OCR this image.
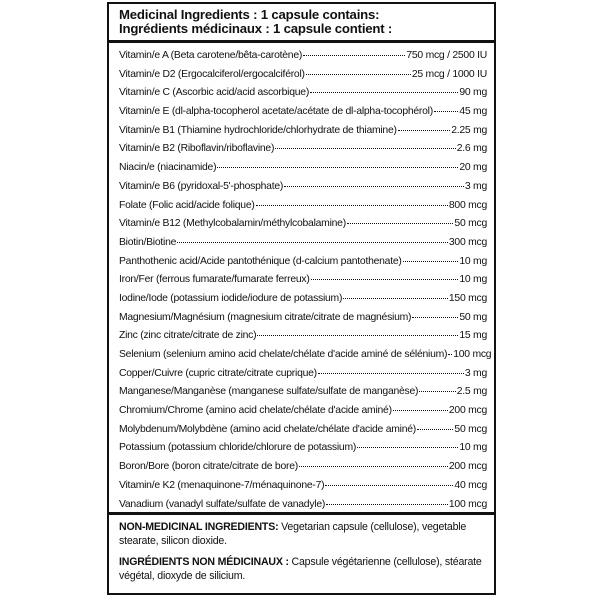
Medicinal Ingredients : 1 capsule contains:
Ingrédients médicinaux : 1 capsule contient :
Vitamin/e A (Beta carotene/bêta-carotène)	750 mcg / 2500 IU
Vitamin/e D2 (Ergocalciferol/ergocalciférol)	25 mcg / 1000 IU
Vitamin/e C (Ascorbic acid/acid ascorbique)	90 mg
Vitamin/e E (dl-alpha-tocopherol acetate/acétate de dl-alpha-tocophérol)	45 mg
Vitamin/e B1 (Thiamine hydrochloride/chlorhydrate de thiamine)	2.25 mg
Vitamin/e B2 (Riboflavin/riboflavine)	2.6 mg
Niacin/e (niacinamide)	20 mg
Vitamin/e B6 (pyridoxal-5'-phosphate)	3 mg
Folate (Folic acid/acide folique)	800 mcg
Vitamin/e B12 (Methylcobalamin/méthylcobalamine)	50 mcg
Biotin/Biotine	300 mcg
Panthothenic acid/Acide pantothénique (d-calcium pantothenate)	10 mg
Iron/Fer (ferrous fumarate/fumarate ferreux)	10 mg
Iodine/Iode (potassium iodide/iodure de potassium)	150 mcg
Magnesium/Magnésium (magnesium citrate/citrate de magnésium)	50 mg
Zinc (zinc citrate/citrate de zinc)	15 mg
Selenium (selenium amino acid chelate/chélate d'acide aminé de sélénium) 100 mcg
Copper/Cuivre (cupric citrate/citrate cuprique)	3 mg
Manganese/Manganèse (manganese sulfate/sulfate de manganèse)	2.5 mg
Chromium/Chrome (amino acid chelate/chélate d'acide aminé)	200 mcg
Molybdenum/Molybdène (amino acid chelate/chélate d'acide aminé)	50 mcg
Potassium (potassium chloride/chlorure de potassium)	10 mg
Boron/Bore (boron citrate/citrate de bore)	200 mcg
Vitamin/e K2 (menaquinone-7/ménaquinone-7)	40 mcg
Vanadium (vanadyl sulfate/sulfate de vanadyle)	100 mcg

NON-MEDICINAL INGREDIENTS: Vegetarian capsule (cellulose), vegetable stearate, silicon dioxide.

INGRÉDIENTS NON MÉDICINAUX : Capsule végétarienne (cellulose), stéarate végétal, dioxyde de silicium.
